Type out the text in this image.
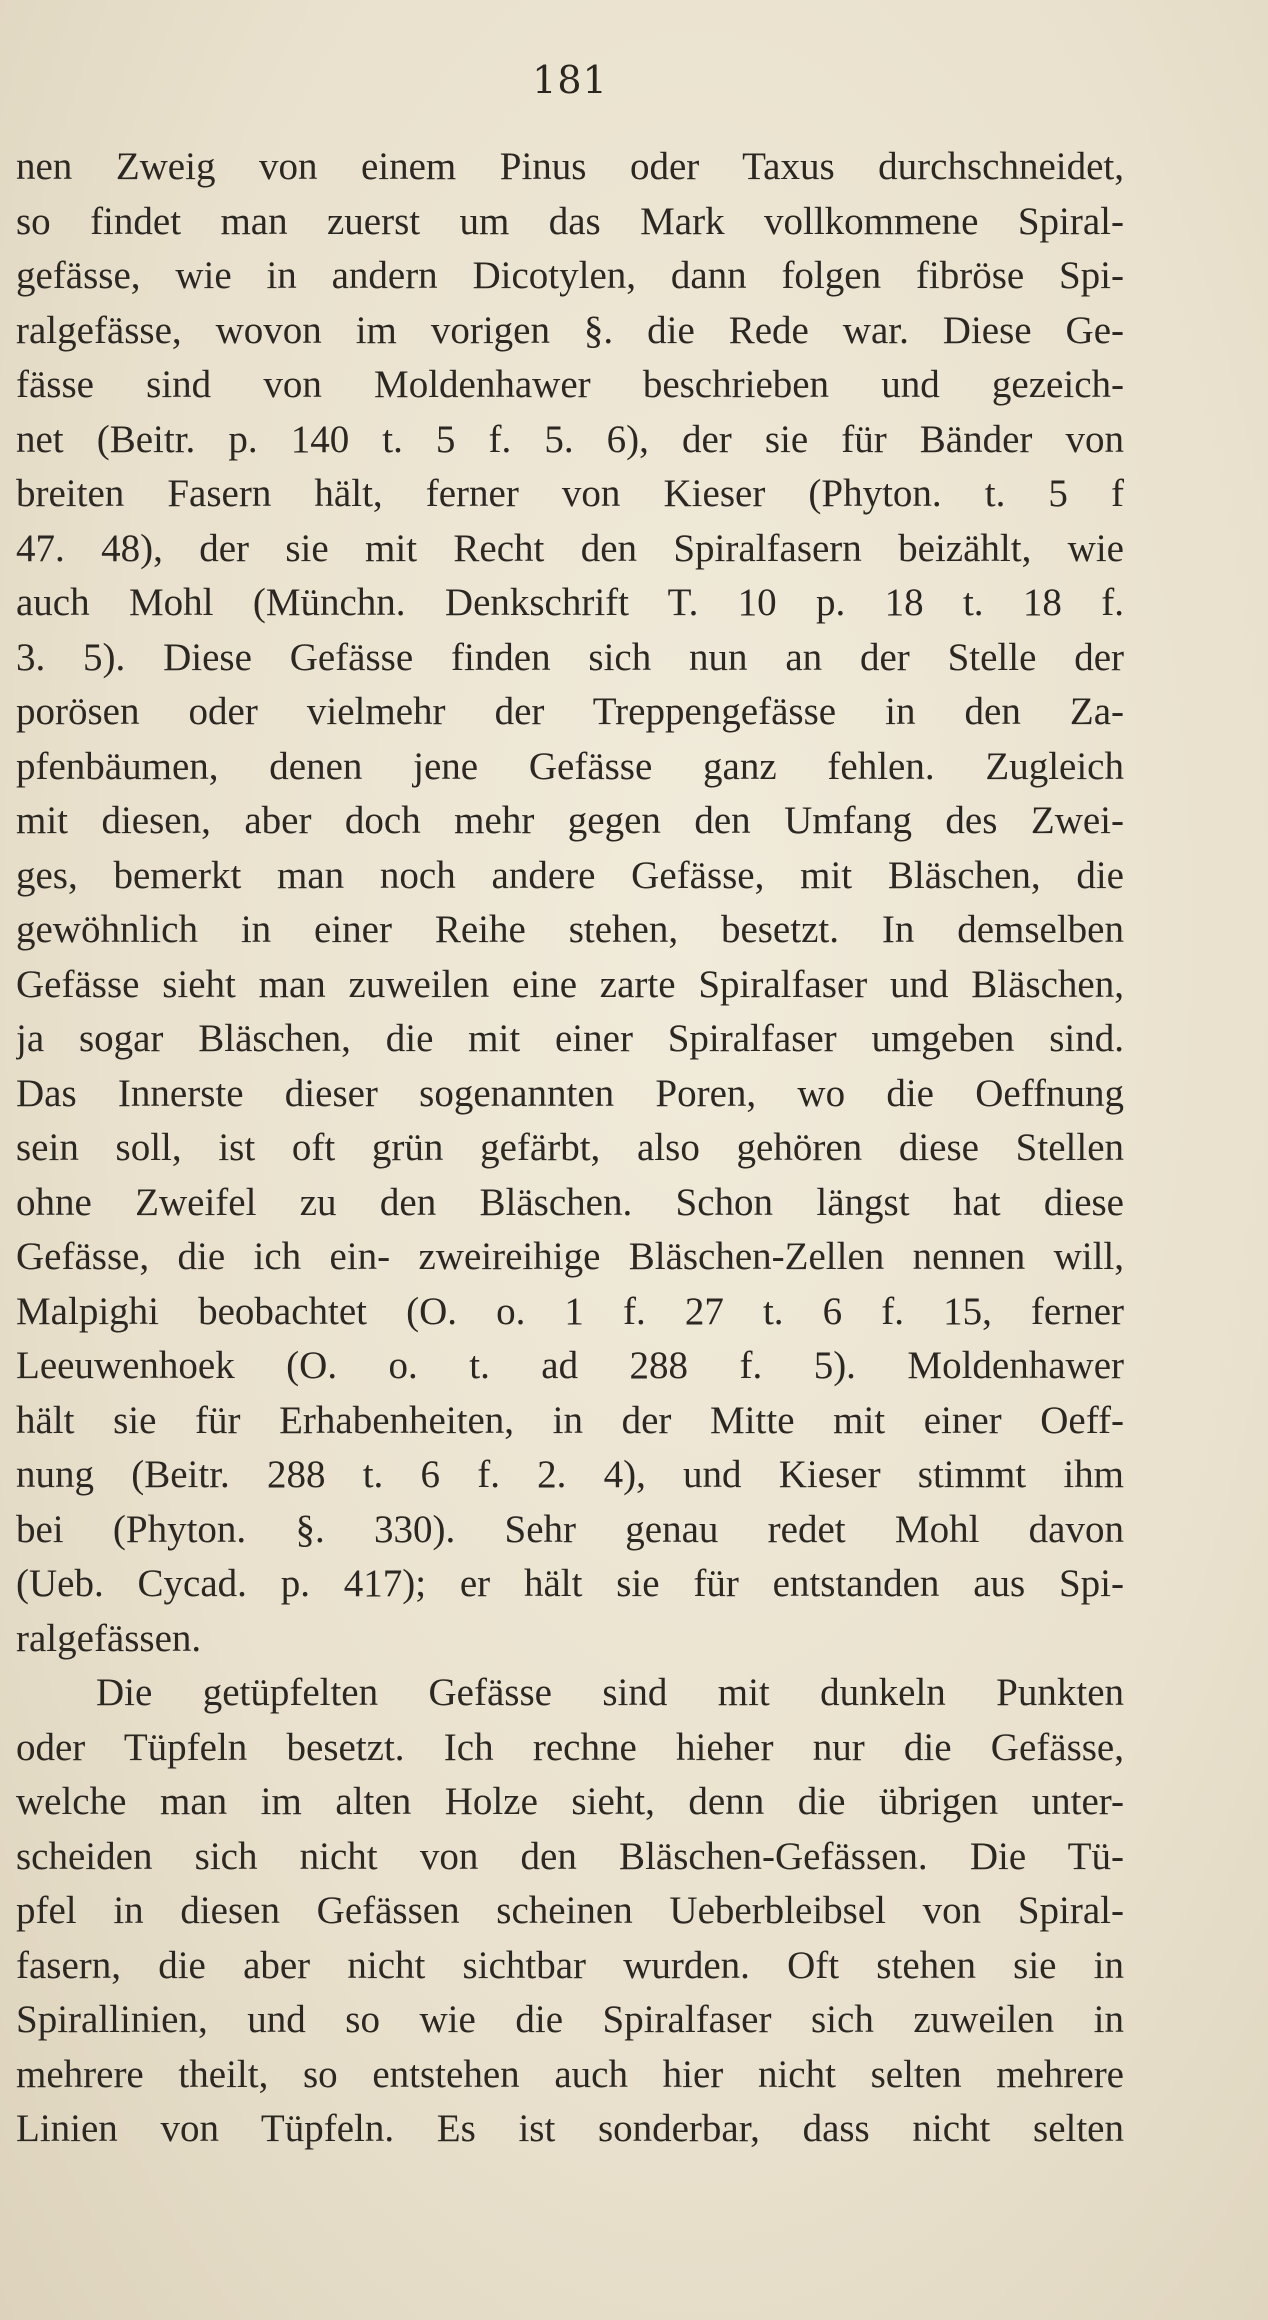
181
nen Zweig von einem Pinus oder Taxus durchschneidet,
so findet man zuerst um das Mark vollkommene Spiral-
gefässe, wie in andern Dicotylen, dann folgen fibröse Spi-
ralgefässe, wovon im vorigen §. die Rede war. Diese Ge-
fässe sind von Moldenhawer beschrieben und gezeich-
net (Beitr. p. 140 t. 5 f. 5. 6), der sie für Bänder von
breiten Fasern hält, ferner von Kieser (Phyton. t. 5 f
47. 48), der sie mit Recht den Spiralfasern beizählt, wie
auch Mohl (Münchn. Denkschrift T. 10 p. 18 t. 18 f.
3. 5). Diese Gefässe finden sich nun an der Stelle der
porösen oder vielmehr der Treppengefässe in den Za-
pfenbäumen, denen jene Gefässe ganz fehlen. Zugleich
mit diesen, aber doch mehr gegen den Umfang des Zwei-
ges, bemerkt man noch andere Gefässe, mit Bläschen, die
gewöhnlich in einer Reihe stehen, besetzt. In demselben
Gefässe sieht man zuweilen eine zarte Spiralfaser und Bläschen,
ja sogar Bläschen, die mit einer Spiralfaser umgeben sind.
Das Innerste dieser sogenannten Poren, wo die Oeffnung
sein soll, ist oft grün gefärbt, also gehören diese Stellen
ohne Zweifel zu den Bläschen. Schon längst hat diese
Gefässe, die ich ein- zweireihige Bläschen-Zellen nennen will,
Malpighi beobachtet (O. o. 1 f. 27 t. 6 f. 15, ferner
Leeuwenhoek (O. o. t. ad 288 f. 5). Moldenhawer
hält sie für Erhabenheiten, in der Mitte mit einer Oeff-
nung (Beitr. 288 t. 6 f. 2. 4), und Kieser stimmt ihm
bei (Phyton. §. 330). Sehr genau redet Mohl davon
(Ueb. Cycad. p. 417); er hält sie für entstanden aus Spi-
ralgefässen.
Die getüpfelten Gefässe sind mit dunkeln Punkten
oder Tüpfeln besetzt. Ich rechne hieher nur die Gefässe,
welche man im alten Holze sieht, denn die übrigen unter-
scheiden sich nicht von den Bläschen-Gefässen. Die Tü-
pfel in diesen Gefässen scheinen Ueberbleibsel von Spiral-
fasern, die aber nicht sichtbar wurden. Oft stehen sie in
Spirallinien, und so wie die Spiralfaser sich zuweilen in
mehrere theilt, so entstehen auch hier nicht selten mehrere
Linien von Tüpfeln. Es ist sonderbar, dass nicht selten
